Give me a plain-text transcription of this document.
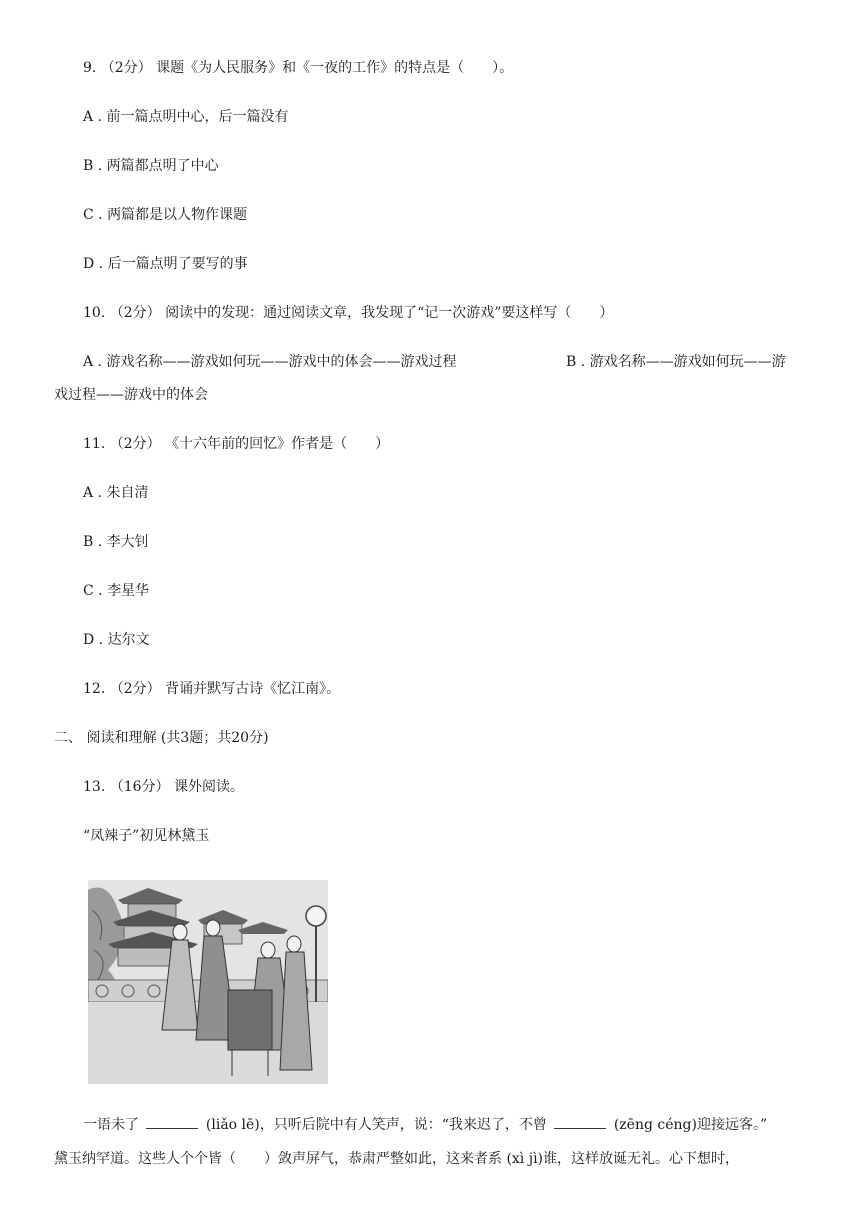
9. （2分） 课题《为人民服务》和《一夜的工作》的特点是（　　）。
A . 前一篇点明中心，后一篇没有
B . 两篇都点明了中心
C . 两篇都是以人物作课题
D . 后一篇点明了要写的事
10. （2分） 阅读中的发现：通过阅读文章，我发现了“记一次游戏”要这样写（　　）
A . 游戏名称——游戏如何玩——游戏中的体会——游戏过程	B . 游戏名称——游戏如何玩——游
戏过程——游戏中的体会
11. （2分） 《十六年前的回忆》作者是（　　）
A . 朱自清
B . 李大钊
C . 李星华
D . 达尔文
12. （2分） 背诵并默写古诗《忆江南》。
二、 阅读和理解 (共3题；共20分)
13. （16分） 课外阅读。
“凤辣子”初见林黛玉
一语未了	(liǎo lē)，只听后院中有人笑声，说：“我来迟了，不曾	(zēng céng)迎接远客。”
黛玉纳罕道。这些人个个皆（　　）敛声屏气，恭肃严整如此，这来者系 (xì jì)谁，这样放诞无礼。心下想时，
